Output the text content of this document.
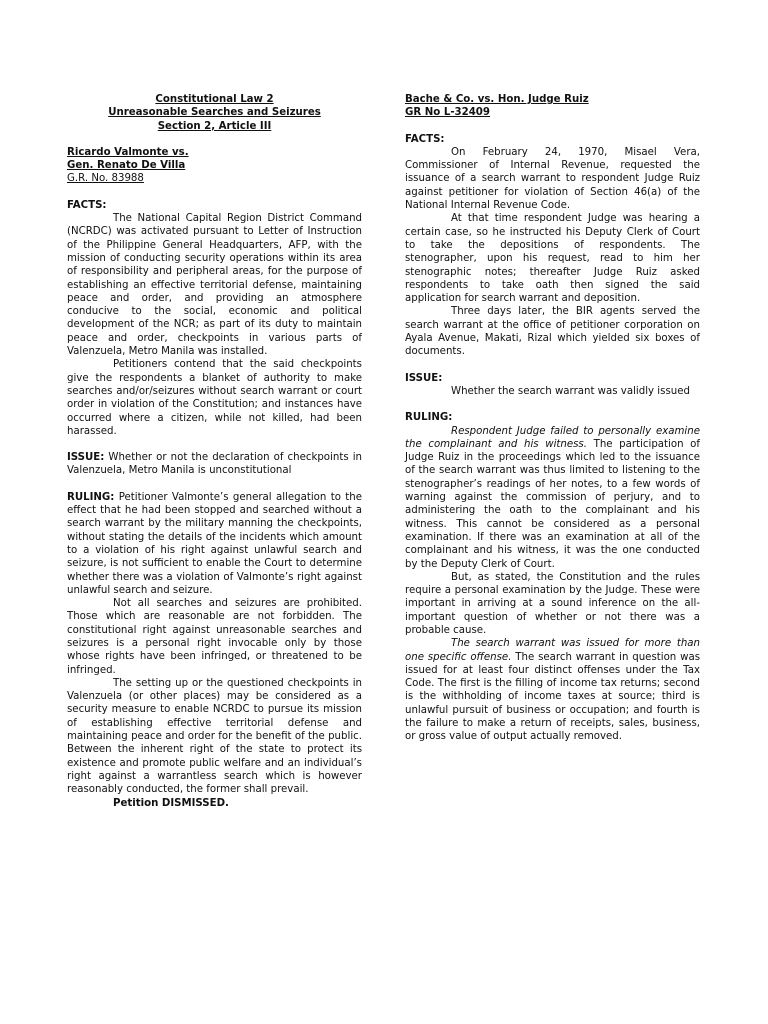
Constitutional Law 2

Unreasonable Searches and Seizures

Section 2, Article III

Ricardo Valmonte vs.

Gen. Renato De Villa

G.R. No. 83988

FACTS:

The National Capital Region District Command (NCRDC) was activated pursuant to Letter of Instruction of the Philippine General Headquarters, AFP, with the mission of conducting security operations within its area of responsibility and peripheral areas, for the purpose of establishing an effective territorial defense, maintaining peace and order, and providing an atmosphere conducive to the social, economic and political development of the NCR; as part of its duty to maintain peace and order, checkpoints in various parts of Valenzuela, Metro Manila was installed.

Petitioners contend that the said checkpoints give the respondents a blanket of authority to make searches and/or/seizures without search warrant or court order in violation of the Constitution; and instances have occurred where a citizen, while not killed, had been harassed.

ISSUE: Whether or not the declaration of checkpoints in Valenzuela, Metro Manila is unconstitutional

RULING: Petitioner Valmonte’s general allegation to the effect that he had been stopped and searched without a search warrant by the military manning the checkpoints, without stating the details of the incidents which amount to a violation of his right against unlawful search and seizure, is not sufficient to enable the Court to determine whether there was a violation of Valmonte’s right against unlawful search and seizure.

Not all searches and seizures are prohibited. Those which are reasonable are not forbidden. The constitutional right against unreasonable searches and seizures is a personal right invocable only by those whose rights have been infringed, or threatened to be infringed.

The setting up or the questioned checkpoints in Valenzuela (or other places) may be considered as a security measure to enable NCRDC to pursue its mission of establishing effective territorial defense and maintaining peace and order for the benefit of the public. Between the inherent right of the state to protect its existence and promote public welfare and an individual’s right against a warrantless search which is however reasonably conducted, the former shall prevail.

Petition DISMISSED.

Bache & Co. vs. Hon. Judge Ruiz

GR No L-32409

FACTS:

On February 24, 1970, Misael Vera, Commissioner of Internal Revenue, requested the issuance of a search warrant to respondent Judge Ruiz against petitioner for violation of Section 46(a) of the National Internal Revenue Code.

At that time respondent Judge was hearing a certain case, so he instructed his Deputy Clerk of Court to take the depositions of respondents. The stenographer, upon his request, read to him her stenographic notes; thereafter Judge Ruiz asked respondents to take oath then signed the said application for search warrant and deposition.

Three days later, the BIR agents served the search warrant at the office of petitioner corporation on Ayala Avenue, Makati, Rizal which yielded six boxes of documents.

ISSUE:

Whether the search warrant was validly issued

RULING:

Respondent Judge failed to personally examine the complainant and his witness. The participation of Judge Ruiz in the proceedings which led to the issuance of the search warrant was thus limited to listening to the stenographer’s readings of her notes, to a few words of warning against the commission of perjury, and to administering the oath to the complainant and his witness. This cannot be considered as a personal examination. If there was an examination at all of the complainant and his witness, it was the one conducted by the Deputy Clerk of Court.

But, as stated, the Constitution and the rules require a personal examination by the Judge. These were important in arriving at a sound inference on the all-important question of whether or not there was a probable cause.

The search warrant was issued for more than one specific offense. The search warrant in question was issued for at least four distinct offenses under the Tax Code. The first is the filling of income tax returns; second is the withholding of income taxes at source; third is unlawful pursuit of business or occupation; and fourth is the failure to make a return of receipts, sales, business, or gross value of output actually removed.
